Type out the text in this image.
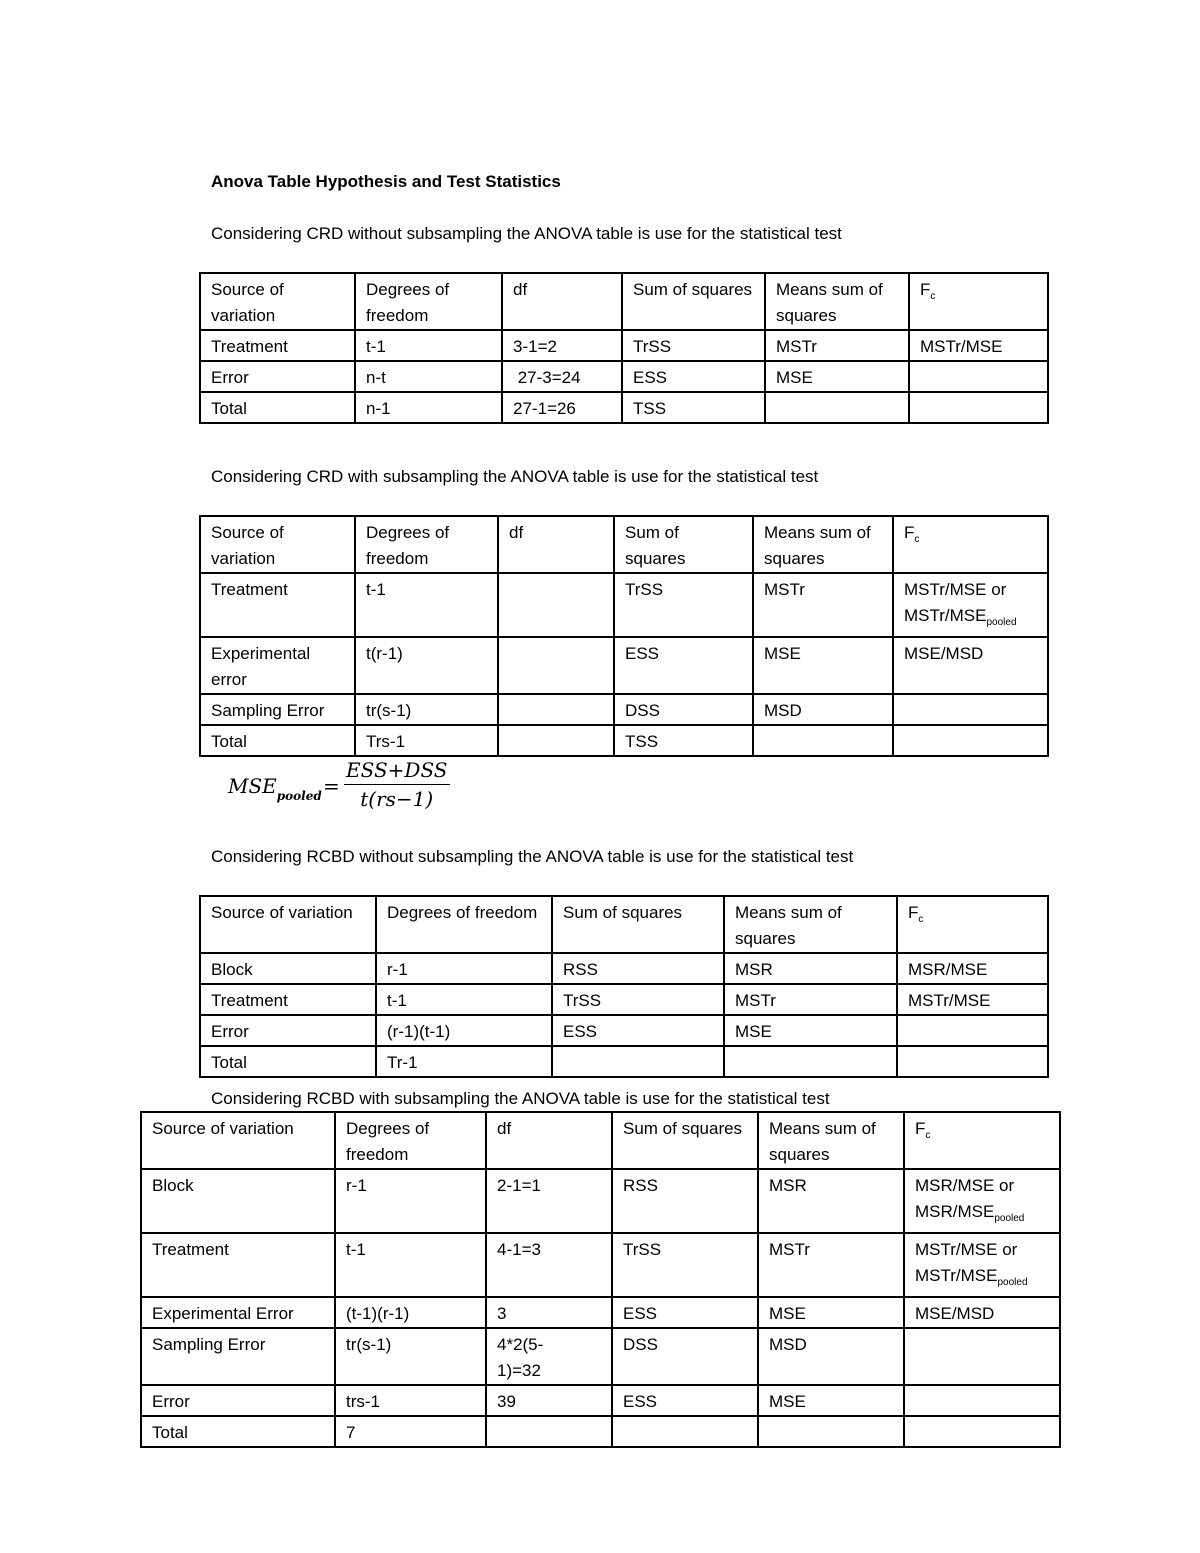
Anova Table Hypothesis and Test Statistics
Considering CRD without subsampling the ANOVA table is use for the statistical test
Source of variation	Degrees of freedom	df	Sum of squares	Means sum of squares	$F_c$
Treatment	t-1	3-1=2	TrSS	MSTr	MSTr/MSE
Error	n-t	27-3=24	ESS	MSE	
Total	n-1	27-1=26	TSS		
Considering CRD with subsampling the ANOVA table is use for the statistical test
Source of variation	Degrees of freedom	df	Sum of squares	Means sum of squares	$F_c$
Treatment	t-1		TrSS	MSTr	MSTr/MSE or MSTr/$MSE_{pooled}$
Experimental error	t(r-1)		ESS	MSE	MSE/MSD
Sampling Error	tr(s-1)		DSS	MSD	
Total	Trs-1		TSS		
$MSE_{pooled}$ =
ESS+DSS
t(rs−1)
Considering RCBD without subsampling the ANOVA table is use for the statistical test
Source of variation	Degrees of freedom	Sum of squares	Means sum of squares	$F_c$
Block	r-1	RSS	MSR	MSR/MSE
Treatment	t-1	TrSS	MSTr	MSTr/MSE
Error	(r-1)(t-1)	ESS	MSE	
Total	Tr-1			
Considering RCBD with subsampling the ANOVA table is use for the statistical test
Source of variation	Degrees of freedom	df	Sum of squares	Means sum of squares	$F_c$
Block	r-1	2-1=1	RSS	MSR	MSR/MSE or MSR/$MSE_{pooled}$
Treatment	t-1	4-1=3	TrSS	MSTr	MSTr/MSE or MSTr/$MSE_{pooled}$
Experimental Error	(t-1)(r-1)	3	ESS	MSE	MSE/MSD
Sampling Error	tr(s-1)	4*2(5-1)=32	DSS	MSD	
Error	trs-1	39	ESS	MSE	
Total	7				
